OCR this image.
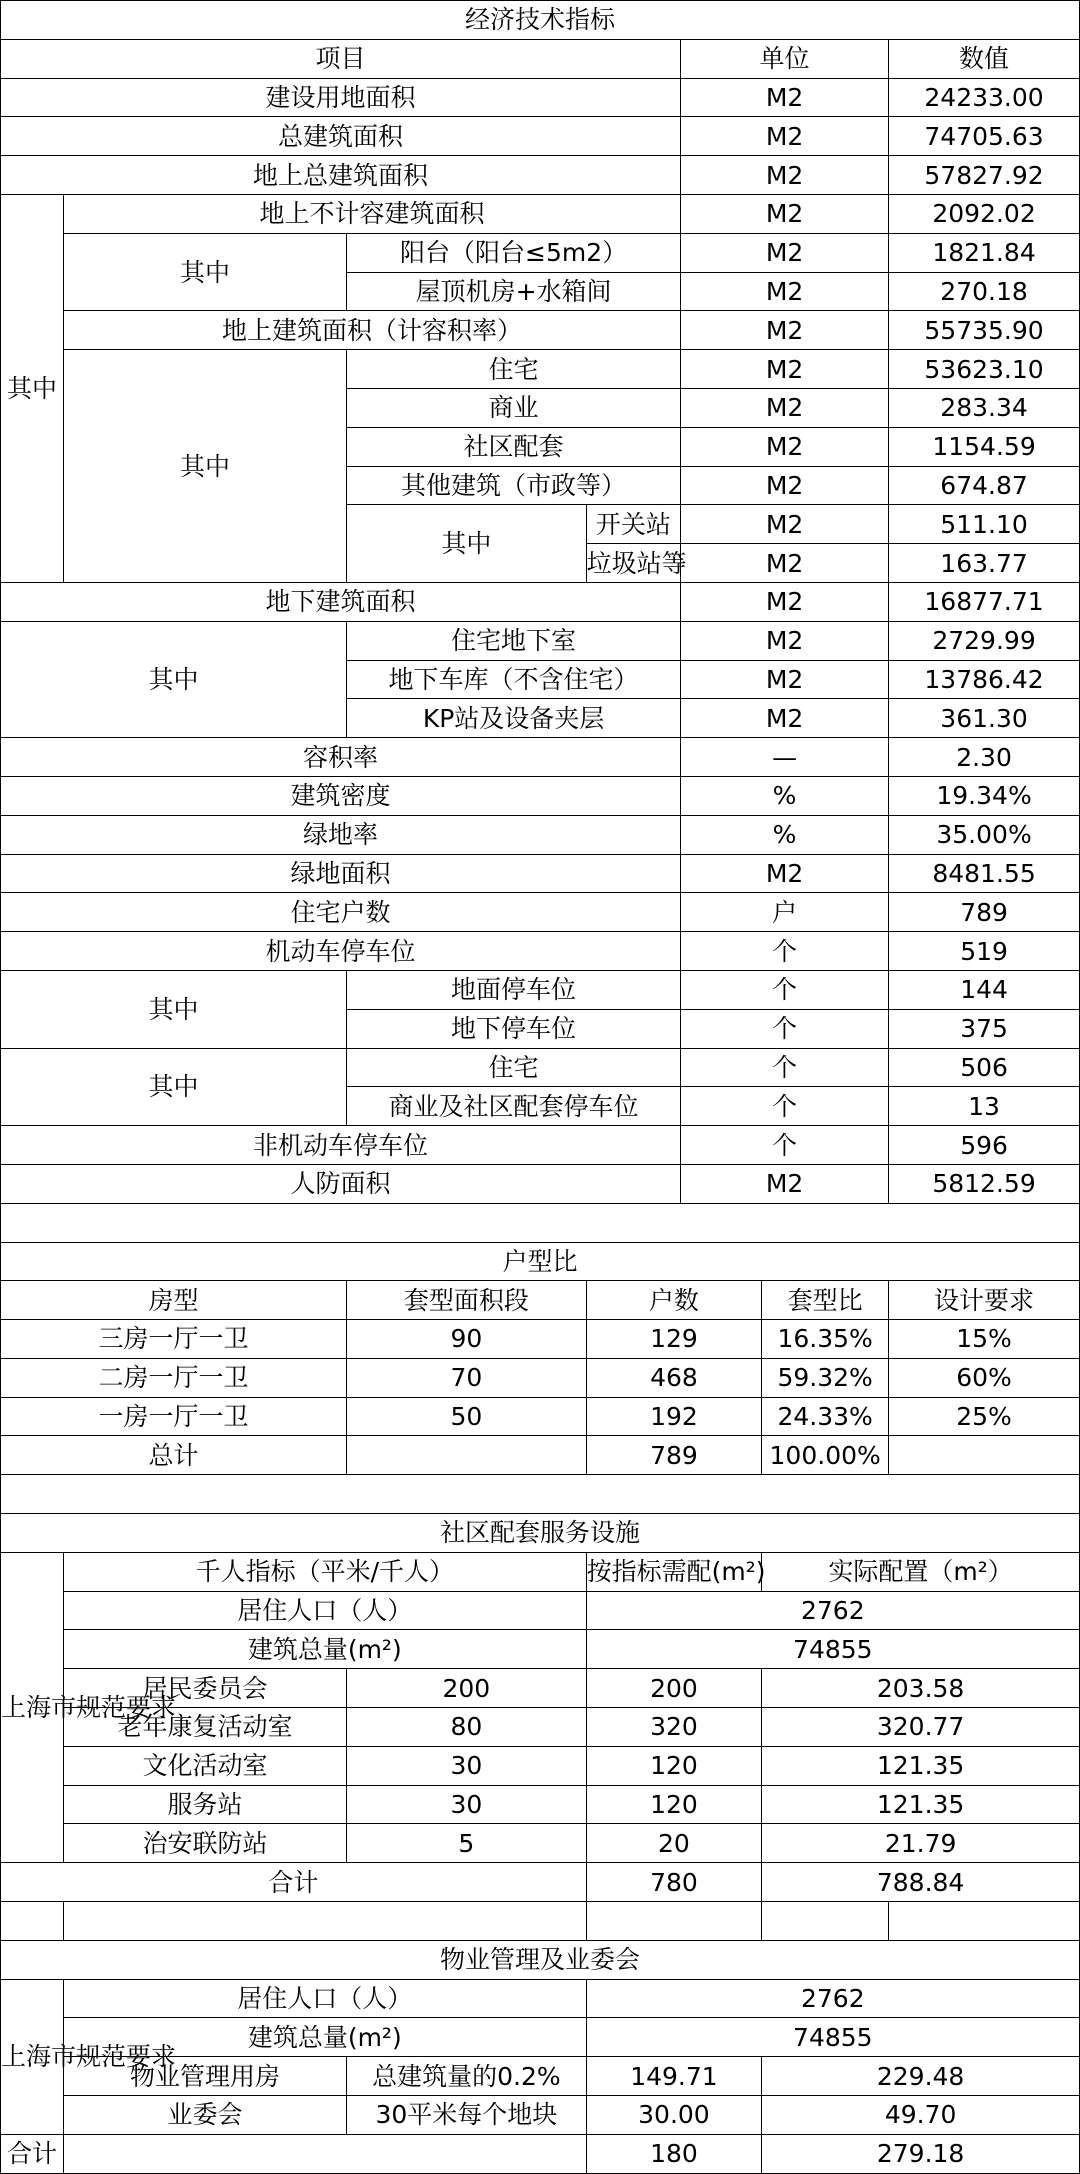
经济技术指标						
项目				单位		数值
建设用地面积				M2		24233.00
总建筑面积				M2		74705.63
地上总建筑面积				M2		57827.92
其中	地上不计容建筑面积			M2		2092.02
	其中	阳台（阳台≤5m2）		M2		1821.84
		屋顶机房+水箱间		M2		270.18
	地上建筑面积（计容积率）			M2		55735.90
	其中	住宅		M2		53623.10
		商业		M2		283.34
		社区配套		M2		1154.59
		其他建筑（市政等）		M2		674.87
		其中	开关站	M2		511.10
			垃圾站等	M2		163.77
地下建筑面积				M2		16877.71
其中		住宅地下室		M2		2729.99
		地下车库（不含住宅）		M2		13786.42
		KP站及设备夹层		M2		361.30
容积率				—		2.30
建筑密度				%		19.34%
绿地率				%		35.00%
绿地面积				M2		8481.55
住宅户数				户		789
机动车停车位				个		519
其中		地面停车位		个		144
		地下停车位		个		375
其中		住宅		个		506
		商业及社区配套停车位		个		13
非机动车停车位				个		596
人防面积				M2		5812.59

户型比						
房型		套型面积段	户数		套型比	设计要求
三房一厅一卫		90	129		16.35%	15%
二房一厅一卫		70	468		59.32%	60%
一房一厅一卫		50	192		24.33%	25%
总计			789		100.00%	

社区配套服务设施						
上海市规范要求	千人指标（平米/千人）		按指标需配(m²)		实际配置（m²）	
	居住人口（人）		2762			
	建筑总量(m²)		74855			
	居民委员会	200	200		203.58	
	老年康复活动室	80	320		320.77	
	文化活动室	30	120		121.35	
	服务站	30	120		121.35	
	治安联防站	5	20		21.79	
合计			780		788.84	

物业管理及业委会						
上海市规范要求	居住人口（人）		2762			
	建筑总量(m²)		74855			
	物业管理用房	总建筑量的0.2%	149.71		229.48	
	业委会	30平米每个地块	30.00		49.70	
合计			180		279.18	
